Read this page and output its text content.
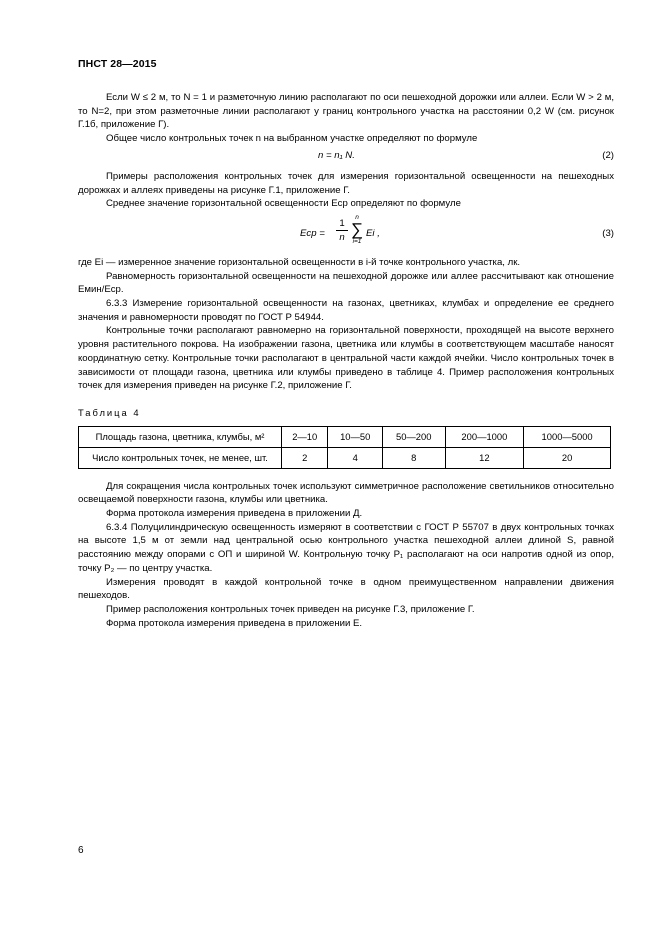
ПНСТ 28—2015

Если W ≤ 2 м, то N = 1 и разметочную линию располагают по оси пешеходной дорожки или аллеи. Если W > 2 м, то N=2, при этом разметочные линии располагают у границ контрольного участка на расстоянии 0,2 W (см. рисунок Г.1б, приложение Г).

Общее число контрольных точек n на выбранном участке определяют по формуле

n = n₁ N.	(2)

Примеры расположения контрольных точек для измерения горизонтальной освещенности на пешеходных дорожках и аллеях приведены на рисунке Г.1, приложение Г.

Среднее значение горизонтальной освещенности Eср определяют по формуле

Eср =
1
n
n
∑
i=1
Ei ,	(3)

где Ei — измеренное значение горизонтальной освещенности в i-й точке контрольного участка, лк.

Равномерность горизонтальной освещенности на пешеходной дорожке или аллее рассчитывают как отношение Eмин/Eср.

6.3.3 Измерение горизонтальной освещенности на газонах, цветниках, клумбах и определение ее среднего значения и равномерности проводят по ГОСТ Р 54944.

Контрольные точки располагают равномерно на горизонтальной поверхности, проходящей на высоте верхнего уровня растительного покрова. На изображении газона, цветника или клумбы в соответствующем масштабе наносят координатную сетку. Контрольные точки располагают в центральной части каждой ячейки. Число контрольных точек в зависимости от площади газона, цветника или клумбы приведено в таблице 4. Пример расположения контрольных точек для измерения приведен на рисунке Г.2, приложение Г.

Таблица 4
Площадь газона, цветника, клумбы, м²	2—10	10—50	50—200	200—1000	1000—5000
Число контрольных точек, не менее, шт.	2	4	8	12	20

Для сокращения числа контрольных точек используют симметричное расположение светильников относительно освещаемой поверхности газона, клумбы или цветника.

Форма протокола измерения приведена в приложении Д.

6.3.4 Полуцилиндрическую освещенность измеряют в соответствии с ГОСТ Р 55707 в двух контрольных точках на высоте 1,5 м от земли над центральной осью контрольного участка пешеходной аллеи длиной S, равной расстоянию между опорами с ОП и шириной W. Контрольную точку P₁ располагают на оси напротив одной из опор, точку P₂ — по центру участка.

Измерения проводят в каждой контрольной точке в одном преимущественном направлении движения пешеходов.

Пример расположения контрольных точек приведен на рисунке Г.3, приложение Г.

Форма протокола измерения приведена в приложении Е.

6
